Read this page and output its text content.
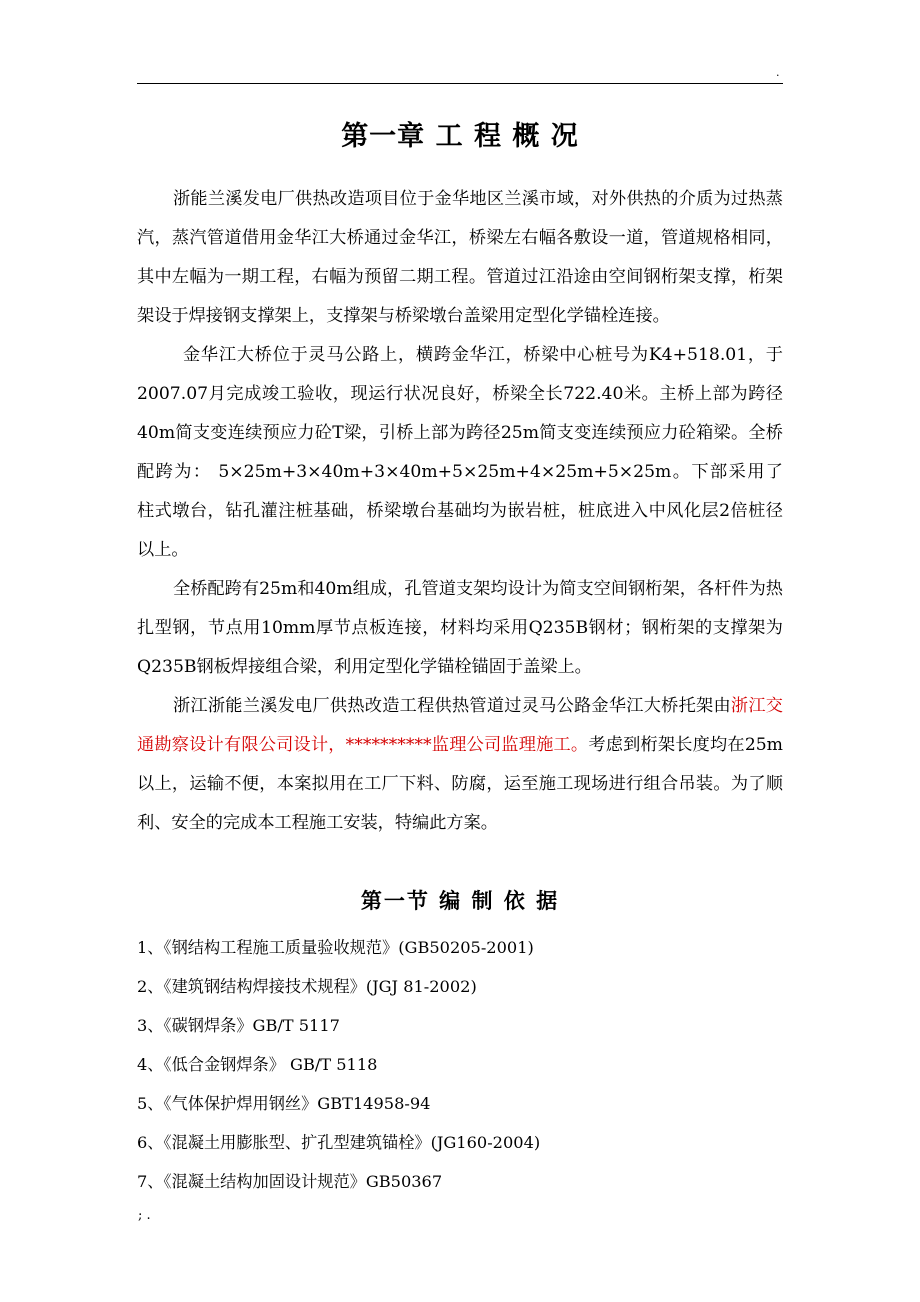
.
第一章 工 程 概 况

浙能兰溪发电厂供热改造项目位于金华地区兰溪市域，对外供热的介质为过热蒸汽，蒸汽管道借用金华江大桥通过金华江，桥梁左右幅各敷设一道，管道规格相同，其中左幅为一期工程，右幅为预留二期工程。管道过江沿途由空间钢桁架支撑，桁架架设于焊接钢支撑架上，支撑架与桥梁墩台盖梁用定型化学锚栓连接。

金华江大桥位于灵马公路上，横跨金华江，桥梁中心桩号为K4+518.01，于2007.07月完成竣工验收，现运行状况良好，桥梁全长722.40米。主桥上部为跨径40m简支变连续预应力砼T梁，引桥上部为跨径25m简支变连续预应力砼箱梁。全桥配跨为： 5×25m+3×40m+3×40m+5×25m+4×25m+5×25m。下部采用了柱式墩台，钻孔灌注桩基础，桥梁墩台基础均为嵌岩桩，桩底进入中风化层2倍桩径以上。

全桥配跨有25m和40m组成，孔管道支架均设计为简支空间钢桁架，各杆件为热扎型钢，节点用10mm厚节点板连接，材料均采用Q235B钢材；钢桁架的支撑架为Q235B钢板焊接组合梁，利用定型化学锚栓锚固于盖梁上。

浙江浙能兰溪发电厂供热改造工程供热管道过灵马公路金华江大桥托架由浙江交通勘察设计有限公司设计，**********监理公司监理施工。考虑到桁架长度均在25m以上，运输不便，本案拟用在工厂下料、防腐，运至施工现场进行组合吊装。为了顺利、安全的完成本工程施工安装，特编此方案。

第一节 编 制 依 据
1、《钢结构工程施工质量验收规范》(GB50205-2001)
2、《建筑钢结构焊接技术规程》(JGJ 81-2002)
3、《碳钢焊条》GB/T 5117
4、《低合金钢焊条》 GB/T 5118
5、《气体保护焊用钢丝》GBT14958-94
6、《混凝土用膨胀型、扩孔型建筑锚栓》(JG160-2004)
7、《混凝土结构加固设计规范》GB50367
; .
